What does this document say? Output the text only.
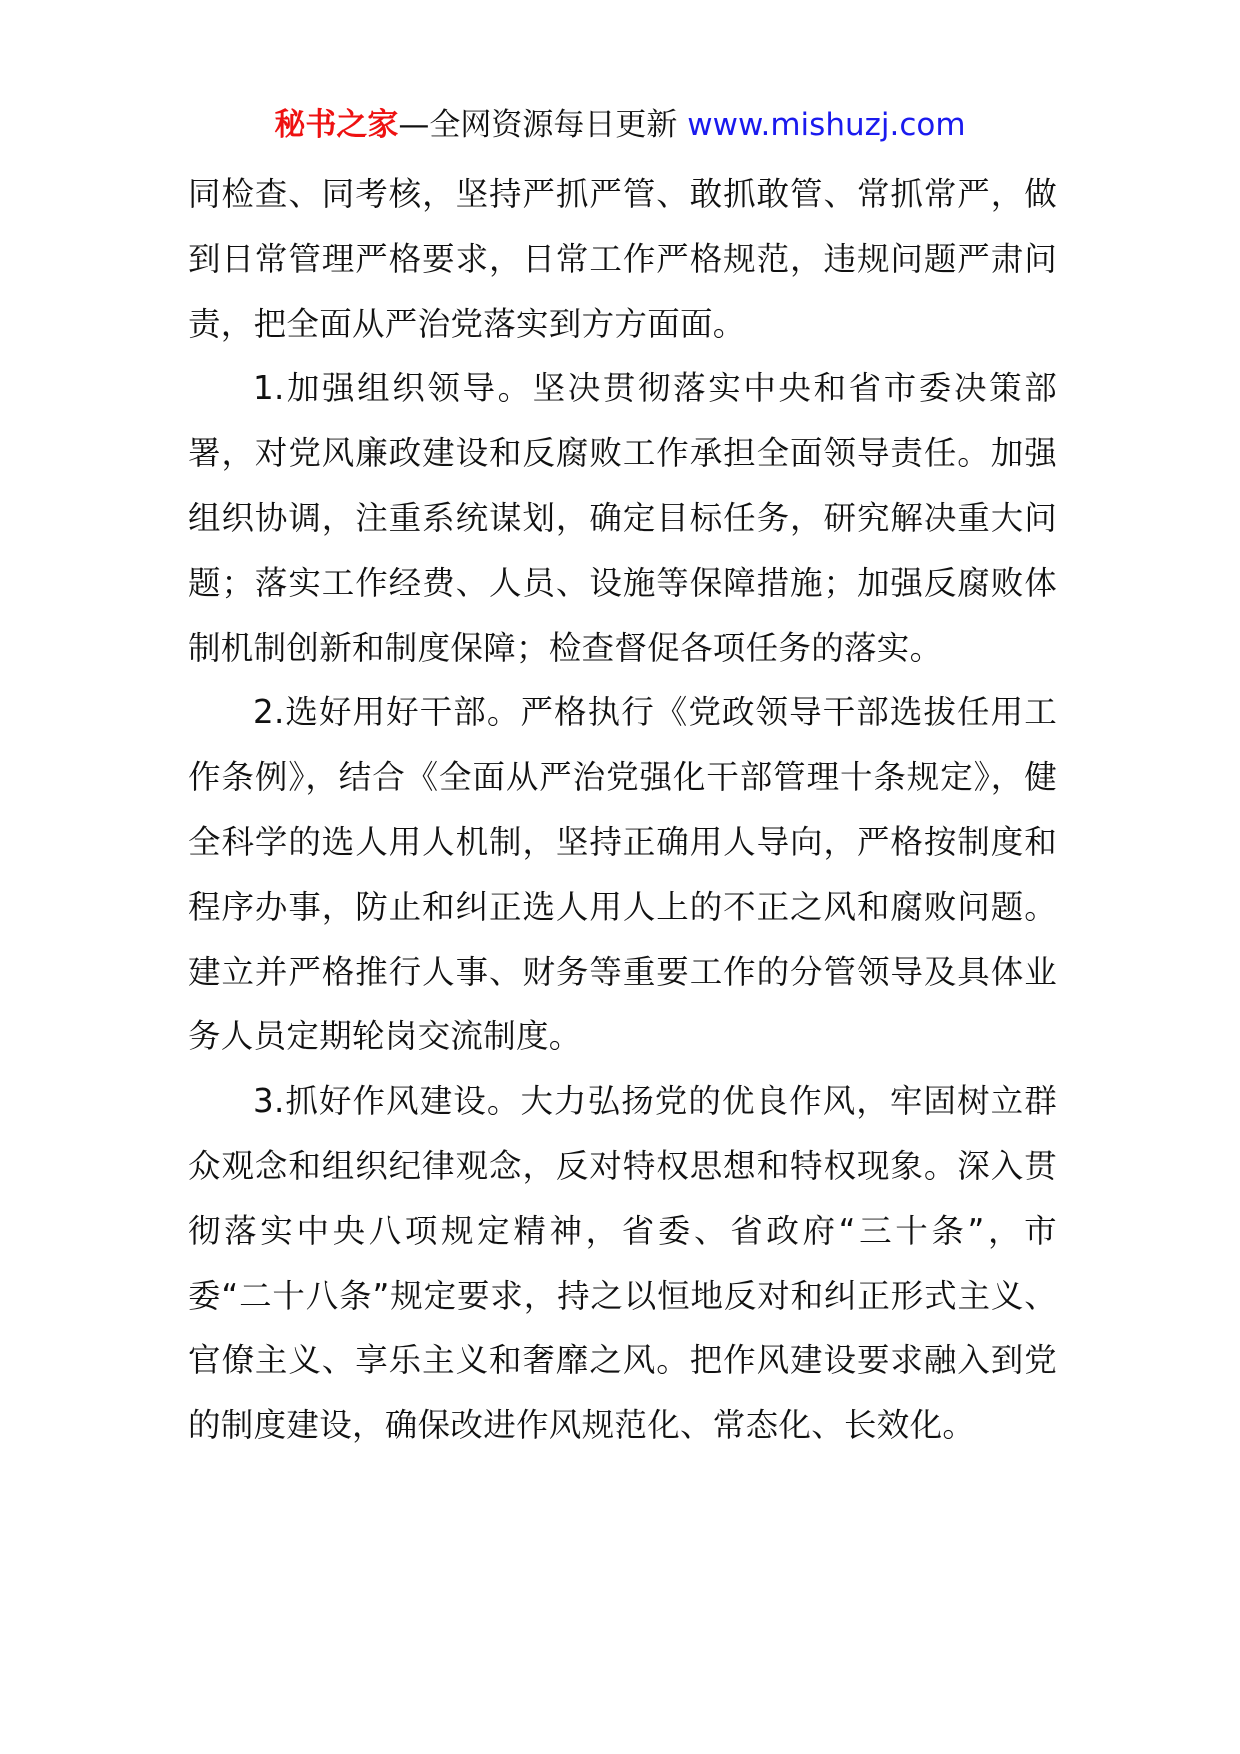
秘书之家—全网资源每日更新 www.mishuzj.com

同检查、同考核，坚持严抓严管、敢抓敢管、常抓常严，做到日常管理严格要求，日常工作严格规范，违规问题严肃问责，把全面从严治党落实到方方面面。

1.加强组织领导。坚决贯彻落实中央和省市委决策部署，对党风廉政建设和反腐败工作承担全面领导责任。加强组织协调，注重系统谋划，确定目标任务，研究解决重大问题；落实工作经费、人员、设施等保障措施；加强反腐败体制机制创新和制度保障；检查督促各项任务的落实。

2.选好用好干部。严格执行《党政领导干部选拔任用工作条例》，结合《全面从严治党强化干部管理十条规定》，健全科学的选人用人机制，坚持正确用人导向，严格按制度和程序办事，防止和纠正选人用人上的不正之风和腐败问题。建立并严格推行人事、财务等重要工作的分管领导及具体业务人员定期轮岗交流制度。

3.抓好作风建设。大力弘扬党的优良作风，牢固树立群众观念和组织纪律观念，反对特权思想和特权现象。深入贯彻落实中央八项规定精神，省委、省政府“三十条”，市委“二十八条”规定要求，持之以恒地反对和纠正形式主义、官僚主义、享乐主义和奢靡之风。把作风建设要求融入到党的制度建设，确保改进作风规范化、常态化、长效化。
